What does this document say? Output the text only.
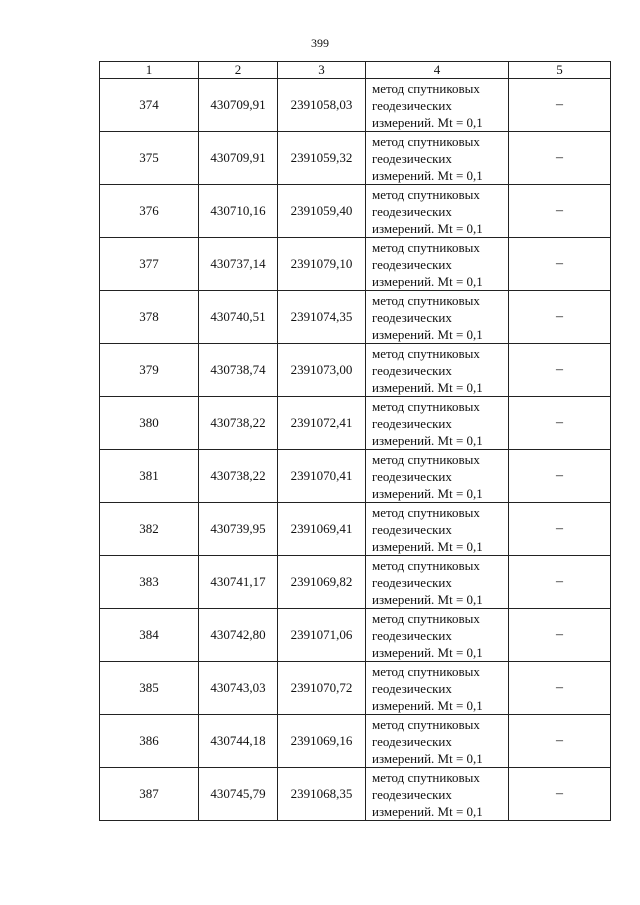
399
1	2	3	4	5
374	430709,91	2391058,03	метод спутниковых
геодезических
измерений. Mt = 0,1	–
375	430709,91	2391059,32	метод спутниковых
геодезических
измерений. Mt = 0,1	–
376	430710,16	2391059,40	метод спутниковых
геодезических
измерений. Mt = 0,1	–
377	430737,14	2391079,10	метод спутниковых
геодезических
измерений. Mt = 0,1	–
378	430740,51	2391074,35	метод спутниковых
геодезических
измерений. Mt = 0,1	–
379	430738,74	2391073,00	метод спутниковых
геодезических
измерений. Mt = 0,1	–
380	430738,22	2391072,41	метод спутниковых
геодезических
измерений. Mt = 0,1	–
381	430738,22	2391070,41	метод спутниковых
геодезических
измерений. Mt = 0,1	–
382	430739,95	2391069,41	метод спутниковых
геодезических
измерений. Mt = 0,1	–
383	430741,17	2391069,82	метод спутниковых
геодезических
измерений. Mt = 0,1	–
384	430742,80	2391071,06	метод спутниковых
геодезических
измерений. Mt = 0,1	–
385	430743,03	2391070,72	метод спутниковых
геодезических
измерений. Mt = 0,1	–
386	430744,18	2391069,16	метод спутниковых
геодезических
измерений. Mt = 0,1	–
387	430745,79	2391068,35	метод спутниковых
геодезических
измерений. Mt = 0,1	–
